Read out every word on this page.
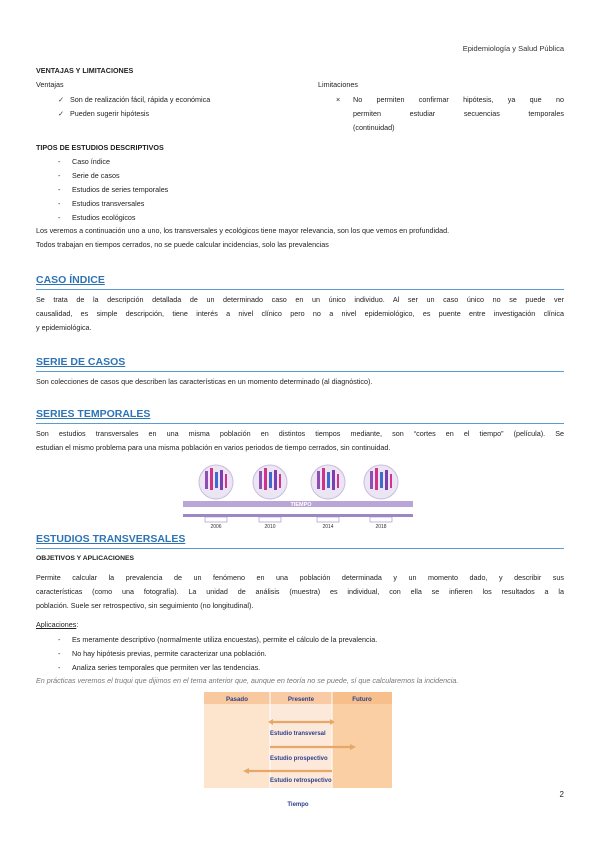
Epidemiología y Salud Pública
VENTAJAS Y LIMITACIONES
Ventajas
✓ Son de realización fácil, rápida y económica
✓ Pueden sugerir hipótesis
Limitaciones
× No permiten confirmar hipótesis, ya que no
permiten estudiar secuencias temporales
(continuidad)
TIPOS DE ESTUDIOS DESCRIPTIVOS
- Caso índice
- Serie de casos
- Estudios de series temporales
- Estudios transversales
- Estudios ecológicos
Los veremos a continuación uno a uno, los transversales y ecológicos tiene mayor relevancia, son los que vemos en profundidad.
Todos trabajan en tiempos cerrados, no se puede calcular incidencias, solo las prevalencias
CASO ÍNDICE
Se trata de la descripción detallada de un determinado caso en un único individuo. Al ser un caso único no se puede ver
causalidad, es simple descripción, tiene interés a nivel clínico pero no a nivel epidemiológico, es puente entre investigación clínica
y epidemiológica.
SERIE DE CASOS
Son colecciones de casos que describen las características en un momento determinado (al diagnóstico).
SERIES TEMPORALES
Son estudios transversales en una misma población en distintos tiempos mediante, son “cortes en el tiempo” (película). Se
estudian el mismo problema para una misma población en varios periodos de tiempo cerrados, sin continuidad.
TIEMPO
2006	2010	2014	2018
ESTUDIOS TRANSVERSALES
OBJETIVOS Y APLICACIONES
Permite calcular la prevalencia de un fenómeno en una población determinada y un momento dado, y describir sus
características (como una fotografía). La unidad de análisis (muestra) es individual, con ella se infieren los resultados a la
población. Suele ser retrospectivo, sin seguimiento (no longitudinal).
Aplicaciones:
- Es meramente descriptivo (normalmente utiliza encuestas), permite el cálculo de la prevalencia.
- No hay hipótesis previas, permite caracterizar una población.
- Analiza series temporales que permiten ver las tendencias.
En prácticas veremos el truqui que dijimos en el tema anterior que, aunque en teoría no se puede, sí que calcularemos la incidencia.
Pasado	Presente	Futuro
Estudio transversal
Estudio prospectivo
Estudio retrospectivo
Tiempo
2
